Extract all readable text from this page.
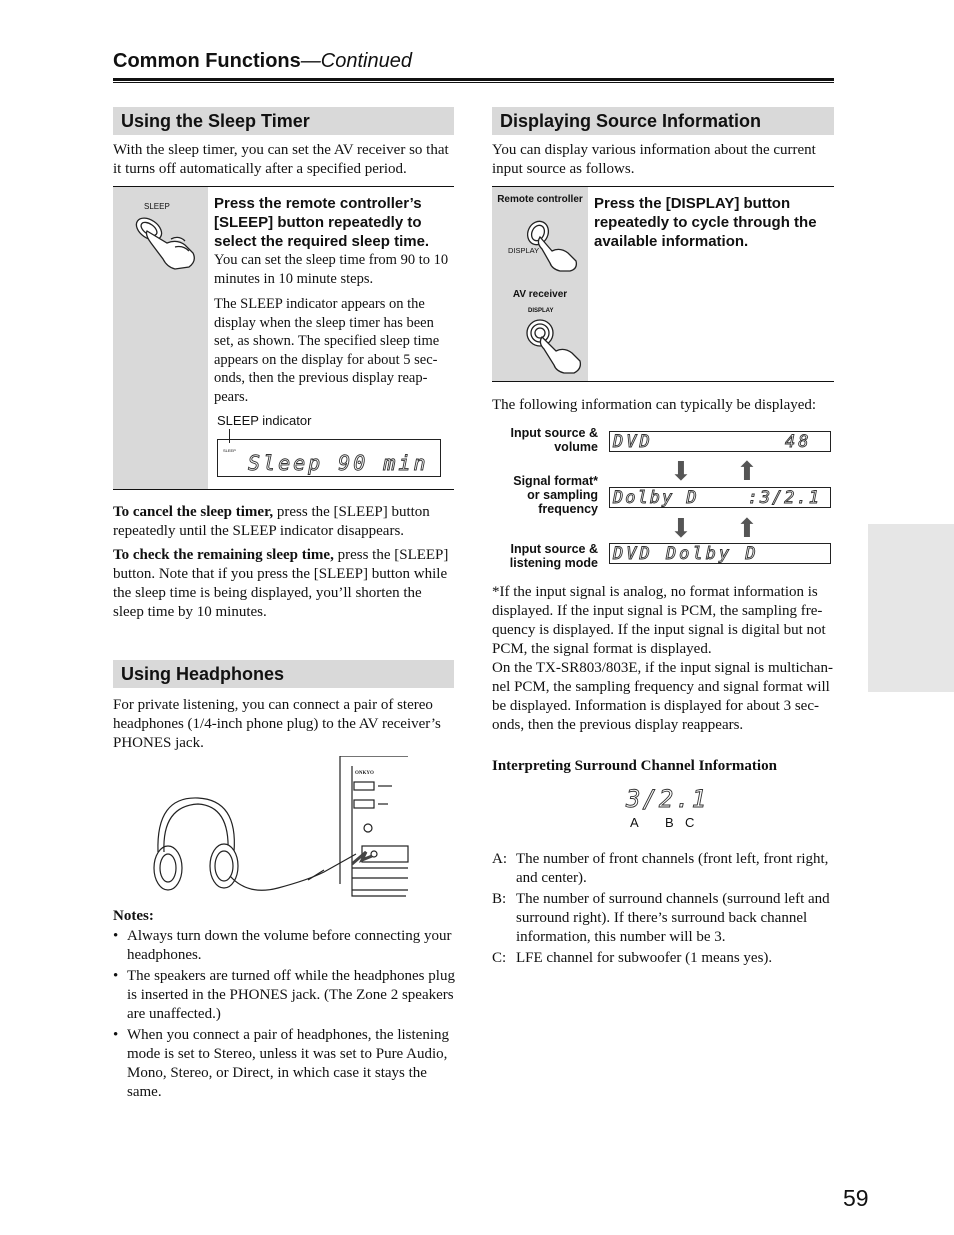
Common Functions—Continued
Using the Sleep Timer
With the sleep timer, you can set the AV receiver so that it turns off automatically after a specified period.
SLEEP	Press the remote controller’s [SLEEP] button repeatedly to select the required sleep time.
You can set the sleep time from 90 to 10 minutes in 10 minute steps.
The SLEEP indicator appears on the display when the sleep timer has been set, as shown. The specified sleep time appears on the display for about 5 sec-onds, then the previous display reap-pears.
SLEEP indicator
SLEEP
Sleep 90 min
To cancel the sleep timer, press the [SLEEP] button repeatedly until the SLEEP indicator disappears.
To check the remaining sleep time, press the [SLEEP] button. Note that if you press the [SLEEP] button while the sleep time is being displayed, you’ll shorten the sleep time by 10 minutes.
Using Headphones
For private listening, you can connect a pair of stereo headphones (1/4-inch phone plug) to the AV receiver’s PHONES jack.
ONKYO
Notes:
• Always turn down the volume before connecting your headphones.
• The speakers are turned off while the headphones plug is inserted in the PHONES jack. (The Zone 2 speakers are unaffected.)
• When you connect a pair of headphones, the listening mode is set to Stereo, unless it was set to Pure Audio, Mono, Stereo, or Direct, in which case it stays the same.
Displaying Source Information
You can display various information about the current input source as follows.
Remote controller
DISPLAY
AV receiver
DISPLAY
Press the [DISPLAY] button repeatedly to cycle through the available information.
The following information can typically be displayed:
Input source &
volume DVD          48
⬇ ⬆
Signal format*
or sampling
frequency
Dolby D    :3/2.1
⬇ ⬆
Input source &
listening mode DVD Dolby D
*If the input signal is analog, no format information is displayed. If the input signal is PCM, the sampling fre-quency is displayed. If the input signal is digital but not PCM, the signal format is displayed.
On the TX-SR803/803E, if the input signal is multichan-nel PCM, the sampling frequency and signal format will be displayed. Information is displayed for about 3 sec-onds, then the previous display reappears.
Interpreting Surround Channel Information
3/2.1
A B C
A: The number of front channels (front left, front right, and center).
B: The number of surround channels (surround left and surround right). If there’s surround back channel information, this number will be 3.
C: LFE channel for subwoofer (1 means yes).
59
